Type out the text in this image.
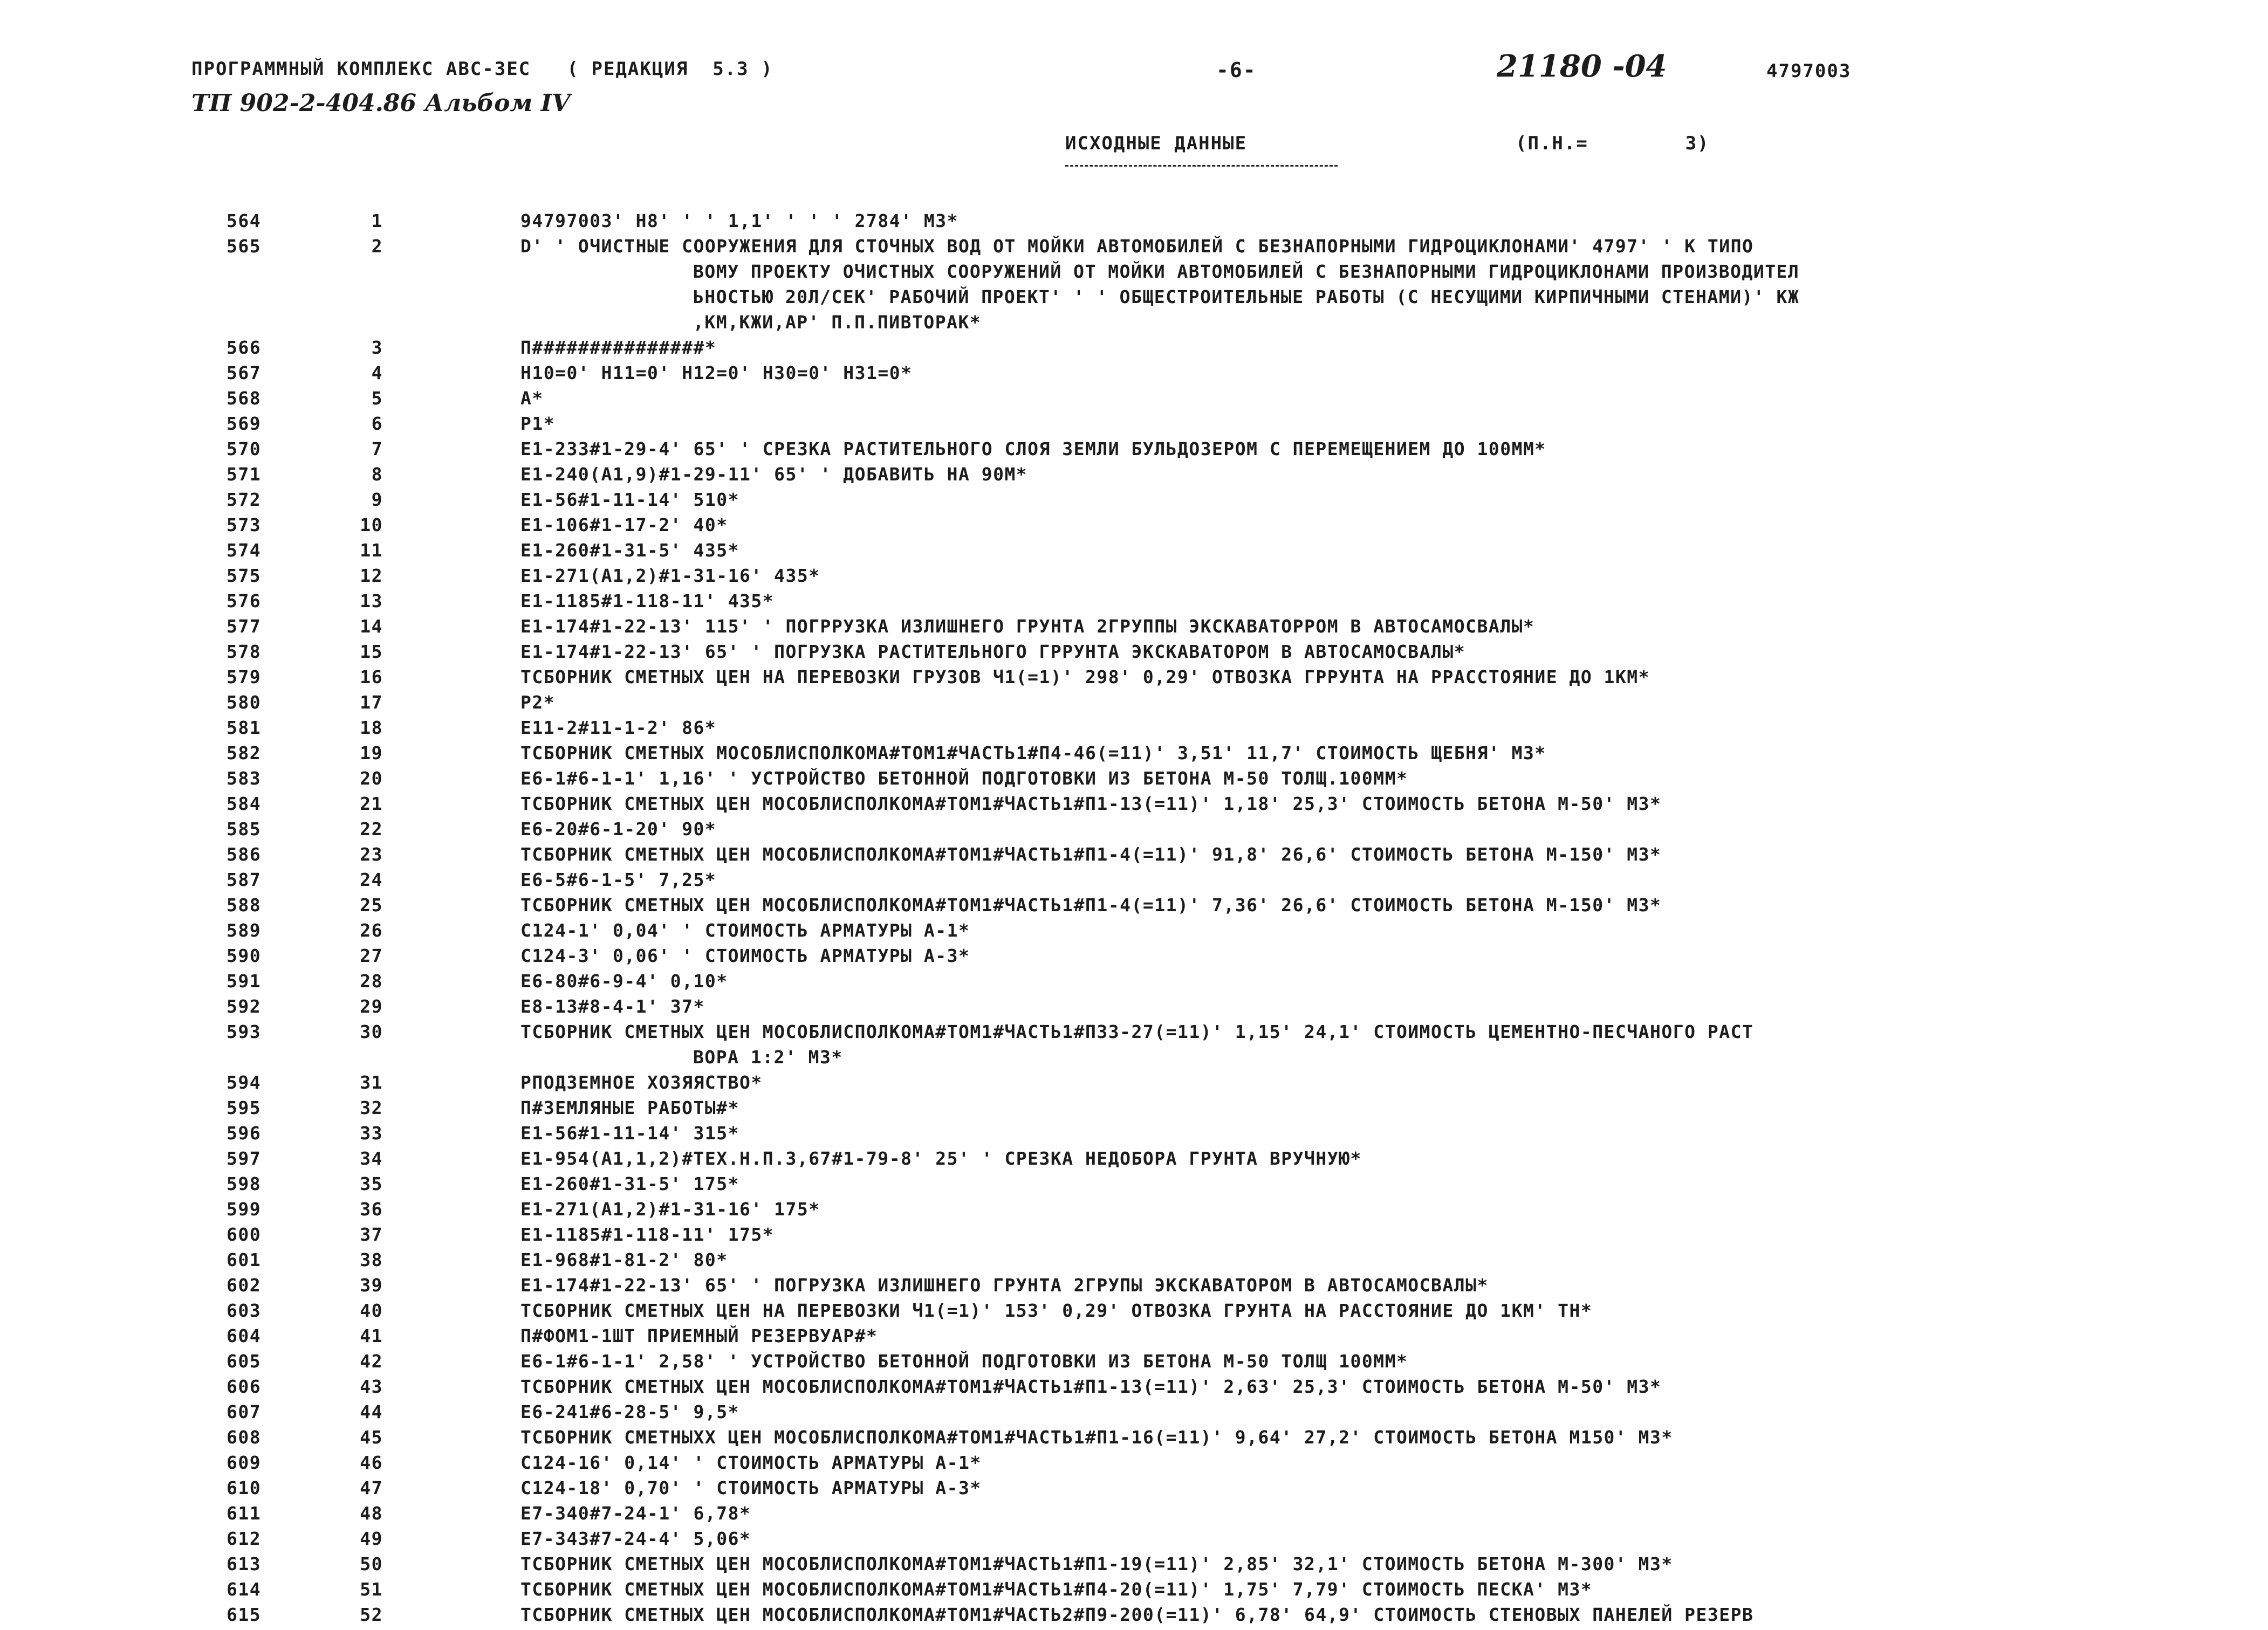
ПРОГРАММНЫЙ КОМПЛЕКС АВС-3ЕС   ( РЕДАКЦИЯ  5.3 )	-6-	21180 -04	4797003
ТП 902-2-404.86 Альбом IV
ИСХОДНЫЕ ДАННЫЕ	(П.Н.=        3)
564	1	94797003' Н8' ' ' 1,1' ' ' ' 2784' М3*
565	2	D' ' ОЧИСТНЫЕ СООРУЖЕНИЯ ДЛЯ СТОЧНЫХ ВОД ОТ МОЙКИ АВТОМОБИЛЕЙ С БЕЗНАПОРНЫМИ ГИДРОЦИКЛОНАМИ' 4797' ' К ТИПО
ВОМУ ПРОЕКТУ ОЧИСТНЫХ СООРУЖЕНИЙ ОТ МОЙКИ АВТОМОБИЛЕЙ С БЕЗНАПОРНЫМИ ГИДРОЦИКЛОНАМИ ПРОИЗВОДИТЕЛ
ЬНОСТЬЮ 20Л/СЕК' РАБОЧИЙ ПРОЕКТ' ' ' ОБЩЕСТРОИТЕЛЬНЫЕ РАБОТЫ (С НЕСУЩИМИ КИРПИЧНЫМИ СТЕНАМИ)' КЖ
,КМ,КЖИ,АР' П.П.ПИВТОРАК*
566	3	П###############*
567	4	Н10=0' Н11=0' Н12=0' Н30=0' Н31=0*
568	5	А*
569	6	Р1*
570	7	Е1-233#1-29-4' 65' ' СРЕЗКА РАСТИТЕЛЬНОГО СЛОЯ ЗЕМЛИ БУЛЬДОЗЕРОМ С ПЕРЕМЕЩЕНИЕМ ДО 100ММ*
571	8	Е1-240(А1,9)#1-29-11' 65' ' ДОБАВИТЬ НА 90М*
572	9	Е1-56#1-11-14' 510*
573	10	Е1-106#1-17-2' 40*
574	11	Е1-260#1-31-5' 435*
575	12	Е1-271(А1,2)#1-31-16' 435*
576	13	Е1-1185#1-118-11' 435*
577	14	Е1-174#1-22-13' 115' ' ПОГРРУЗКА ИЗЛИШНЕГО ГРУНТА 2ГРУППЫ ЭКСКАВАТОРРОМ В АВТОСАМОСВАЛЫ*
578	15	Е1-174#1-22-13' 65' ' ПОГРУЗКА РАСТИТЕЛЬНОГО ГРРУНТА ЭКСКАВАТОРОМ В АВТОСАМОСВАЛЫ*
579	16	ТСБОРНИК СМЕТНЫХ ЦЕН НА ПЕРЕВОЗКИ ГРУЗОВ Ч1(=1)' 298' 0,29' ОТВОЗКА ГРРУНТА НА РРАССТОЯНИЕ ДО 1КМ*
580	17	Р2*
581	18	Е11-2#11-1-2' 86*
582	19	ТСБОРНИК СМЕТНЫХ МОСОБЛИСПОЛКОМА#ТОМ1#ЧАСТЬ1#П4-46(=11)' 3,51' 11,7' СТОИМОСТЬ ЩЕБНЯ' М3*
583	20	Е6-1#6-1-1' 1,16' ' УСТРОЙСТВО БЕТОННОЙ ПОДГОТОВКИ ИЗ БЕТОНА М-50 ТОЛЩ.100ММ*
584	21	ТСБОРНИК СМЕТНЫХ ЦЕН МОСОБЛИСПОЛКОМА#ТОМ1#ЧАСТЬ1#П1-13(=11)' 1,18' 25,3' СТОИМОСТЬ БЕТОНА М-50' М3*
585	22	Е6-20#6-1-20' 90*
586	23	ТСБОРНИК СМЕТНЫХ ЦЕН МОСОБЛИСПОЛКОМА#ТОМ1#ЧАСТЬ1#П1-4(=11)' 91,8' 26,6' СТОИМОСТЬ БЕТОНА М-150' М3*
587	24	Е6-5#6-1-5' 7,25*
588	25	ТСБОРНИК СМЕТНЫХ ЦЕН МОСОБЛИСПОЛКОМА#ТОМ1#ЧАСТЬ1#П1-4(=11)' 7,36' 26,6' СТОИМОСТЬ БЕТОНА М-150' М3*
589	26	С124-1' 0,04' ' СТОИМОСТЬ АРМАТУРЫ А-1*
590	27	С124-3' 0,06' ' СТОИМОСТЬ АРМАТУРЫ А-3*
591	28	Е6-80#6-9-4' 0,10*
592	29	Е8-13#8-4-1' 37*
593	30	ТСБОРНИК СМЕТНЫХ ЦЕН МОСОБЛИСПОЛКОМА#ТОМ1#ЧАСТЬ1#П33-27(=11)' 1,15' 24,1' СТОИМОСТЬ ЦЕМЕНТНО-ПЕСЧАНОГО РАСТ
ВОРА 1:2' М3*
594	31	РПОДЗЕМНОЕ ХОЗЯЯСТВО*
595	32	П#ЗЕМЛЯНЫЕ РАБОТЫ#*
596	33	Е1-56#1-11-14' 315*
597	34	Е1-954(А1,1,2)#ТЕХ.Н.П.3,67#1-79-8' 25' ' СРЕЗКА НЕДОБОРА ГРУНТА ВРУЧНУЮ*
598	35	Е1-260#1-31-5' 175*
599	36	Е1-271(А1,2)#1-31-16' 175*
600	37	Е1-1185#1-118-11' 175*
601	38	Е1-968#1-81-2' 80*
602	39	Е1-174#1-22-13' 65' ' ПОГРУЗКА ИЗЛИШНЕГО ГРУНТА 2ГРУПЫ ЭКСКАВАТОРОМ В АВТОСАМОСВАЛЫ*
603	40	ТСБОРНИК СМЕТНЫХ ЦЕН НА ПЕРЕВОЗКИ Ч1(=1)' 153' 0,29' ОТВОЗКА ГРУНТА НА РАССТОЯНИЕ ДО 1КМ' ТН*
604	41	П#ФОМ1-1ШТ ПРИЕМНЫЙ РЕЗЕРВУАР#*
605	42	Е6-1#6-1-1' 2,58' ' УСТРОЙСТВО БЕТОННОЙ ПОДГОТОВКИ ИЗ БЕТОНА М-50 ТОЛЩ 100ММ*
606	43	ТСБОРНИК СМЕТНЫХ ЦЕН МОСОБЛИСПОЛКОМА#ТОМ1#ЧАСТЬ1#П1-13(=11)' 2,63' 25,3' СТОИМОСТЬ БЕТОНА М-50' М3*
607	44	Е6-241#6-28-5' 9,5*
608	45	ТСБОРНИК СМЕТНЫХХ ЦЕН МОСОБЛИСПОЛКОМА#ТОМ1#ЧАСТЬ1#П1-16(=11)' 9,64' 27,2' СТОИМОСТЬ БЕТОНА М150' М3*
609	46	С124-16' 0,14' ' СТОИМОСТЬ АРМАТУРЫ А-1*
610	47	С124-18' 0,70' ' СТОИМОСТЬ АРМАТУРЫ А-3*
611	48	Е7-340#7-24-1' 6,78*
612	49	Е7-343#7-24-4' 5,06*
613	50	ТСБОРНИК СМЕТНЫХ ЦЕН МОСОБЛИСПОЛКОМА#ТОМ1#ЧАСТЬ1#П1-19(=11)' 2,85' 32,1' СТОИМОСТЬ БЕТОНА М-300' М3*
614	51	ТСБОРНИК СМЕТНЫХ ЦЕН МОСОБЛИСПОЛКОМА#ТОМ1#ЧАСТЬ1#П4-20(=11)' 1,75' 7,79' СТОИМОСТЬ ПЕСКА' М3*
615	52	ТСБОРНИК СМЕТНЫХ ЦЕН МОСОБЛИСПОЛКОМА#ТОМ1#ЧАСТЬ2#П9-200(=11)' 6,78' 64,9' СТОИМОСТЬ СТЕНОВЫХ ПАНЕЛЕЙ РЕЗЕРВ
